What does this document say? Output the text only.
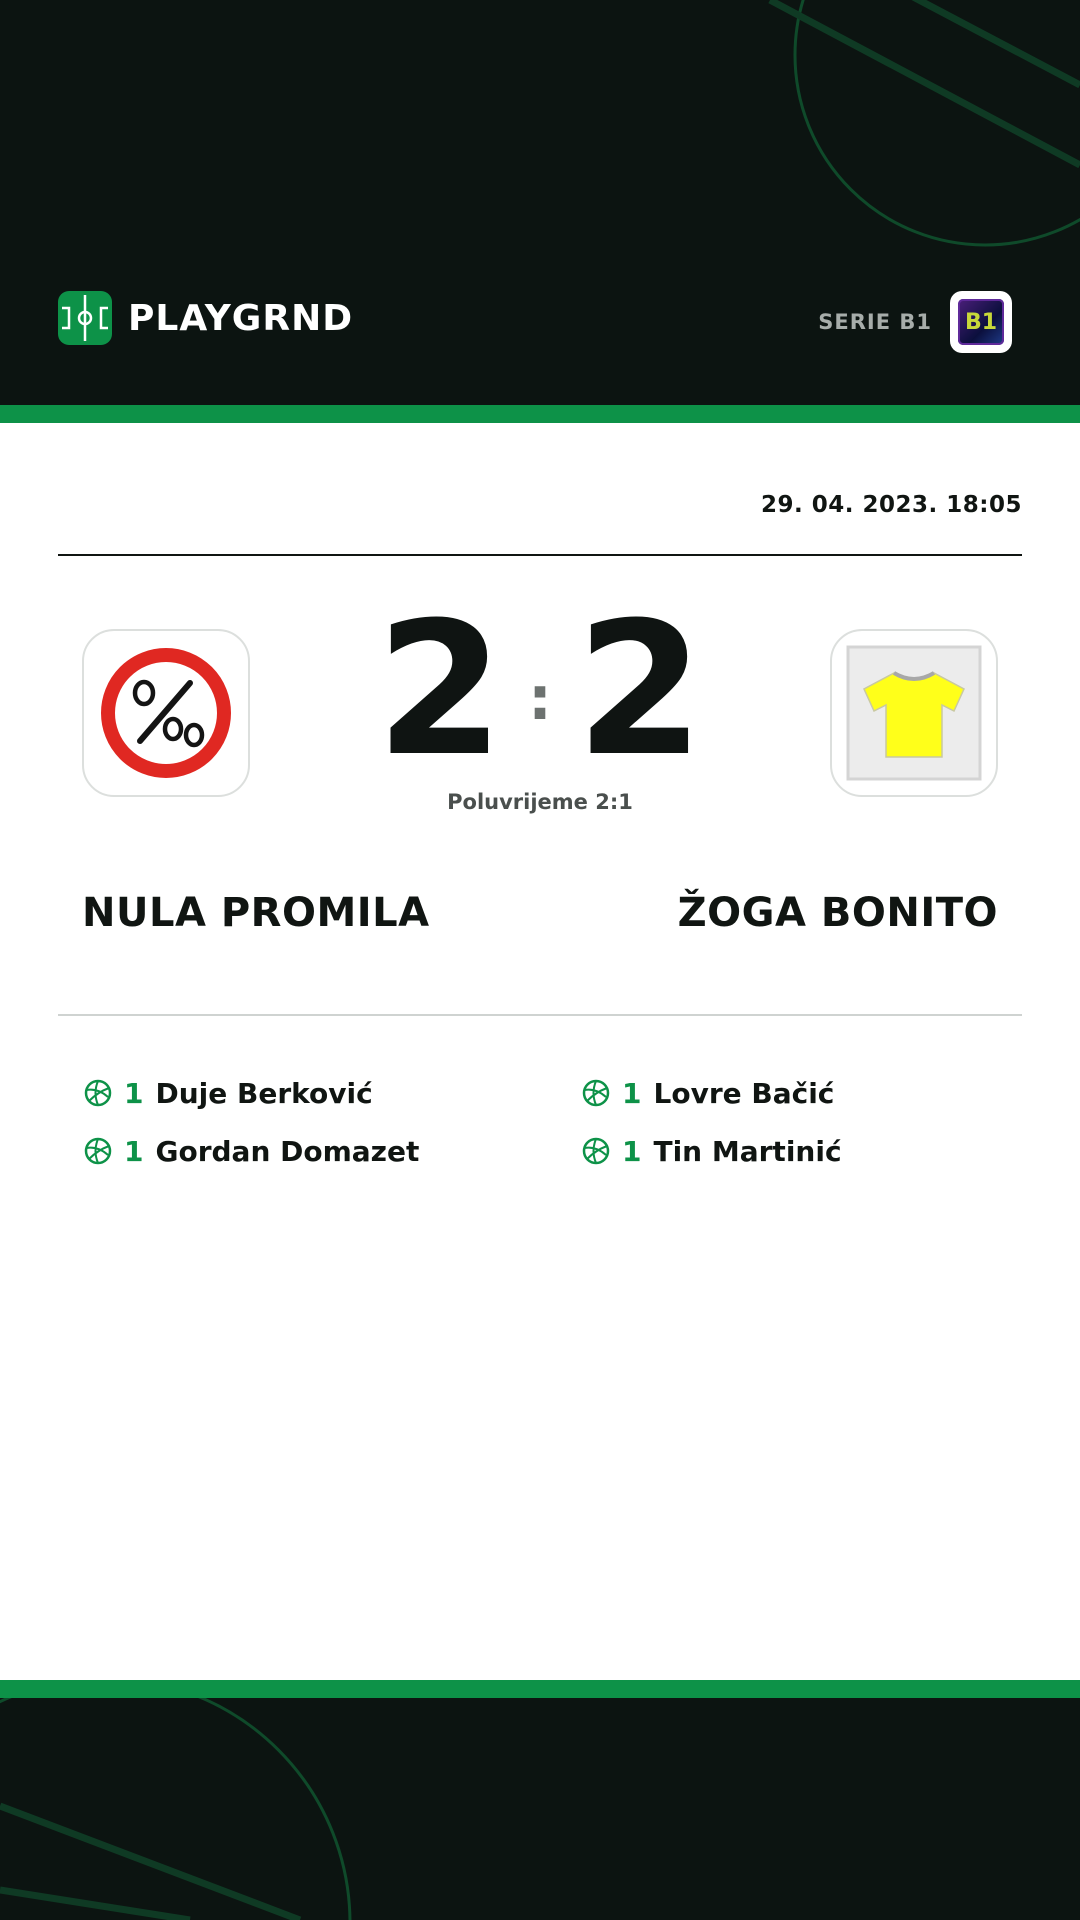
PLAYGRND	SERIE B1	B1
29. 04. 2023. 18:05
2 : 2
Poluvrijeme 2:1
NULA PROMILA	ŽOGA BONITO
1 Duje Berković
1 Gordan Domazet
1 Lovre Bačić
1 Tin Martinić
